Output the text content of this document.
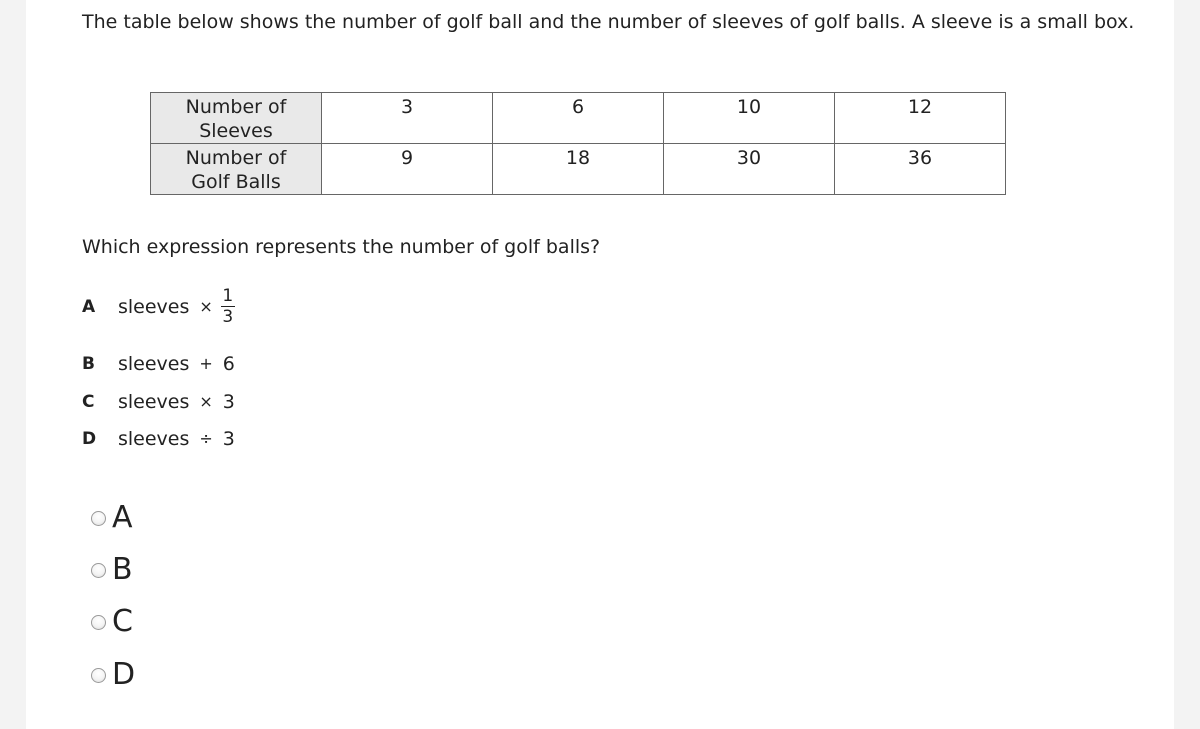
The table below shows the number of golf ball and the number of sleeves of golf balls. A sleeve is a small box.
Number of
Sleeves	3	6	10	12

Number of
Golf Balls	9	18	30	36
Which expression represents the number of golf balls?
A	sleeves × $\frac{1}{3}$
B	sleeves + 6
C	sleeves × 3
D	sleeves ÷ 3
A
B
C
D
